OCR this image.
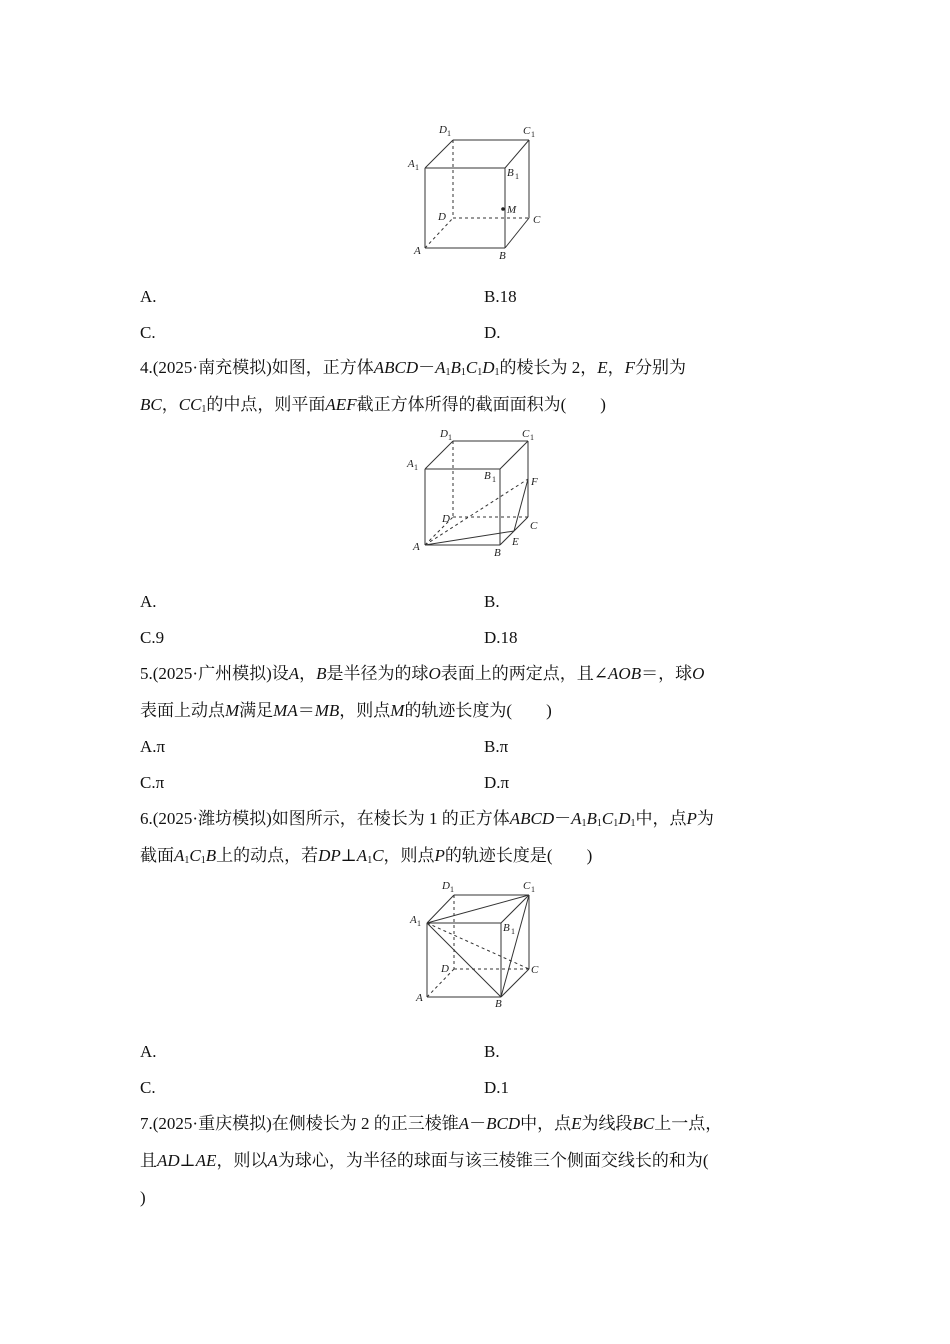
D 1	C 1
A 1	B 1
D
M
C
A	B
A.	B.18
C.	D.
4.(2025·南充模拟)如图，正方体$ABCD-A_1B_1C_1D_1$的棱长为 2，E，F分别为
BC，$CC_1$的中点，则平面AEF截正方体所得的截面面积为(　　)
D 1	C 1
A 1
B 1	F
D
C
E
A	B
A.	B.
C.9	D.18
5.(2025·广州模拟)设A，B是半径为的球O表面上的两定点，且∠AOB＝，球O
表面上动点M满足MA＝MB，则点M的轨迹长度为(　　)
A.π	B.π
C.π	D.π
6.(2025·潍坊模拟)如图所示，在棱长为 1 的正方体$ABCD-A_1B_1C_1D_1$中，点P为
截面$A_1C_1B$上的动点，若$DP\perp A_1C$，则点P的轨迹长度是(　　)
D 1	C 1
A 1	B 1
D	C
A	B
A.	B.
C.	D.1
7.(2025·重庆模拟)在侧棱长为 2 的正三棱锥A－BCD中，点E为线段BC上一点，
且AD⊥AE，则以A为球心，为半径的球面与该三棱锥三个侧面交线长的和为(
)
